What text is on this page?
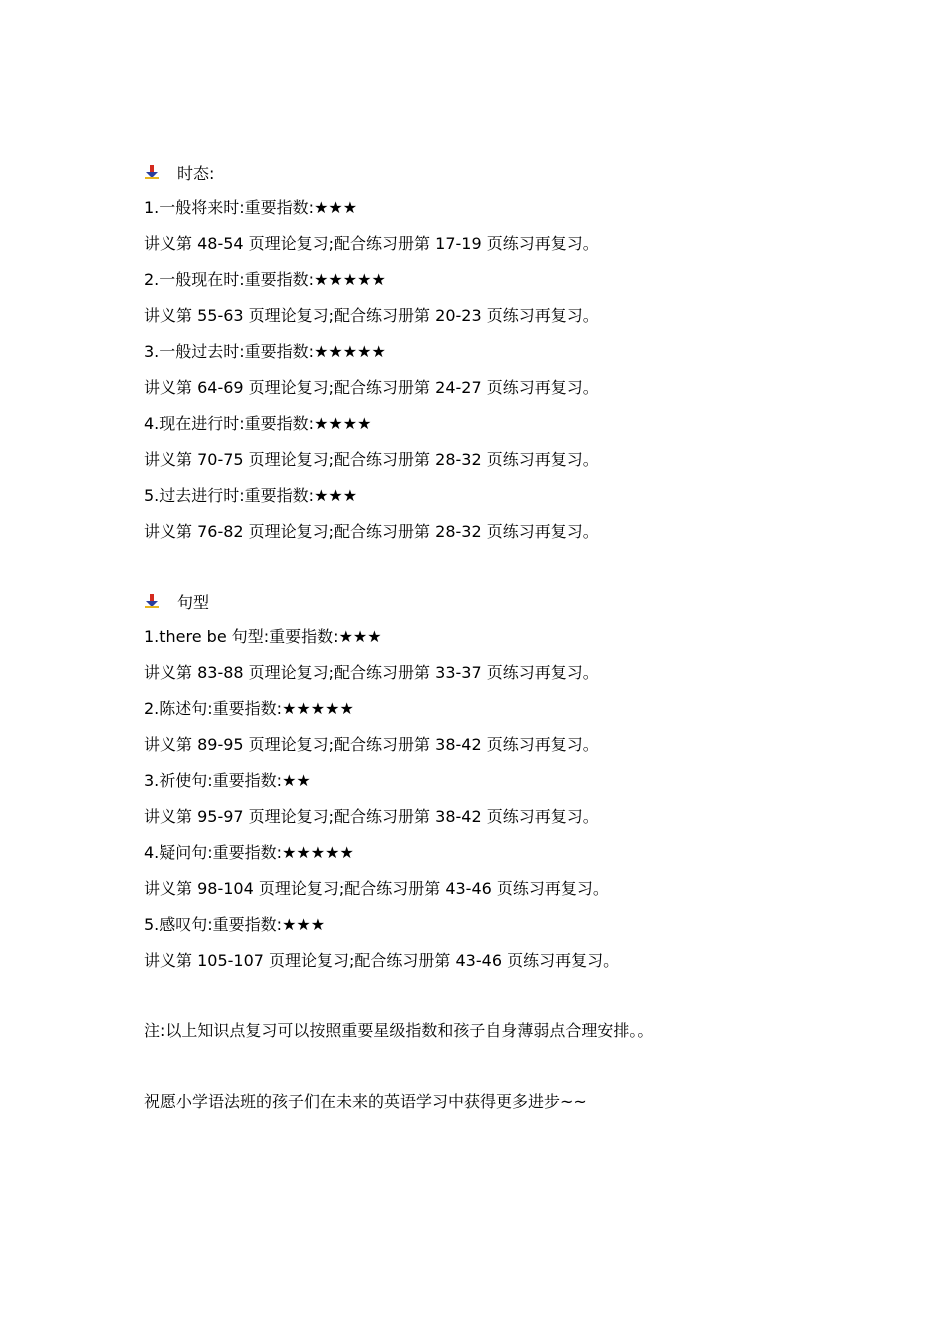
时态:
1.一般将来时:重要指数: ★★★
讲义第 48-54 页理论复习;配合练习册第 17-19 页练习再复习。
2.一般现在时:重要指数: ★★★★★
讲义第 55-63 页理论复习;配合练习册第 20-23 页练习再复习。
3.一般过去时:重要指数: ★★★★★
讲义第 64-69 页理论复习;配合练习册第 24-27 页练习再复习。
4.现在进行时:重要指数: ★★★★
讲义第 70-75 页理论复习;配合练习册第 28-32 页练习再复习。
5.过去进行时:重要指数: ★★★
讲义第 76-82 页理论复习;配合练习册第 28-32 页练习再复习。
句型
1.there be 句型:重要指数: ★★★
讲义第 83-88 页理论复习;配合练习册第 33-37 页练习再复习。
2.陈述句:重要指数: ★★★★★
讲义第 89-95 页理论复习;配合练习册第 38-42 页练习再复习。
3.祈使句:重要指数: ★★
讲义第 95-97 页理论复习;配合练习册第 38-42 页练习再复习。
4.疑问句:重要指数: ★★★★★
讲义第 98-104 页理论复习;配合练习册第 43-46 页练习再复习。
5.感叹句:重要指数: ★★★
讲义第 105-107 页理论复习;配合练习册第 43-46 页练习再复习。
注:以上知识点复习可以按照重要星级指数和孩子自身薄弱点合理安排。。
祝愿小学语法班的孩子们在未来的英语学习中获得更多进步~~
